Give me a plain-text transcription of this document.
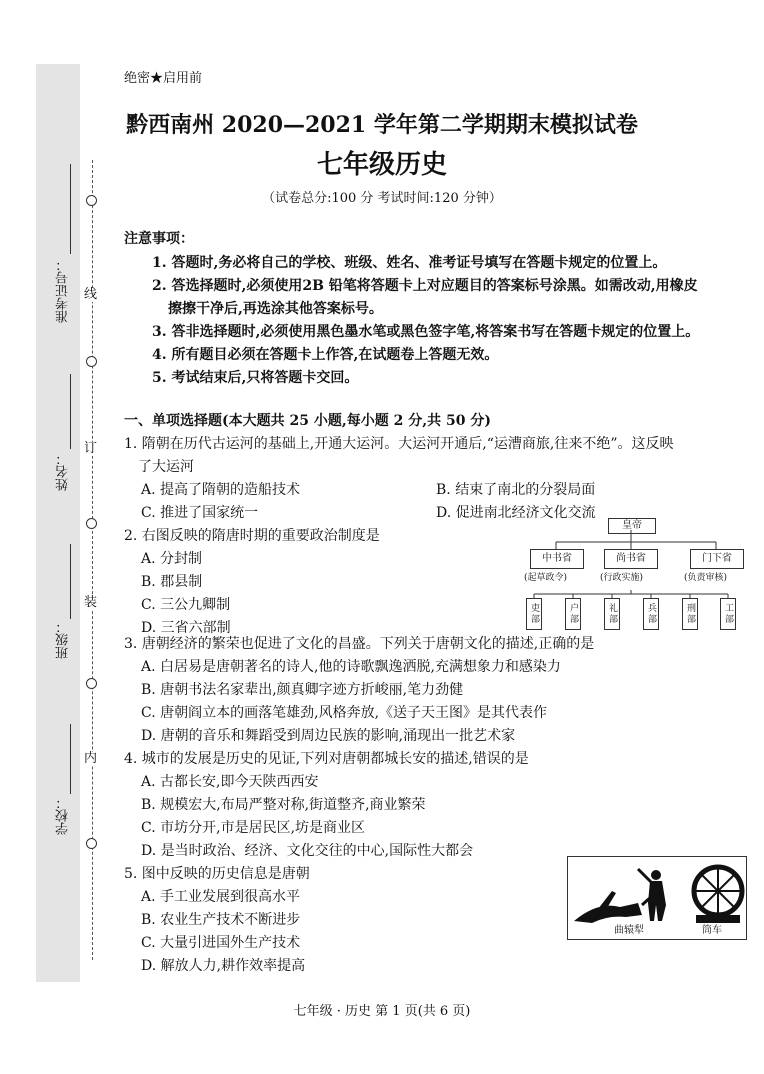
准考证号：
姓名：
班级：
学校：
线
订
装
内
绝密★启用前
黔西南州 2020—2021 学年第二学期期末模拟试卷
七年级历史
（试卷总分:100 分 考试时间:120 分钟）
注意事项：
1. 答题时,务必将自己的学校、班级、姓名、准考证号填写在答题卡规定的位置上。
2. 答选择题时,必须使用2B 铅笔将答题卡上对应题目的答案标号涂黑。如需改动,用橡皮
擦擦干净后,再选涂其他答案标号。
3. 答非选择题时,必须使用黑色墨水笔或黑色签字笔,将答案书写在答题卡规定的位置上。
4. 所有题目必须在答题卡上作答,在试题卷上答题无效。
5. 考试结束后,只将答题卡交回。
一、单项选择题(本大题共 25 小题,每小题 2 分,共 50 分)
1. 隋朝在历代古运河的基础上,开通大运河。大运河开通后,“运漕商旅,往来不绝”。这反映
了大运河
A. 提高了隋朝的造船技术	B. 结束了南北的分裂局面
C. 推进了国家统一	D. 促进南北经济文化交流
2. 右图反映的隋唐时期的重要政治制度是
A. 分封制
B. 郡县制
C. 三公九卿制
D. 三省六部制
皇帝
中书省	尚书省	门下省
(起草政令)	(行政实施)	(负责审核)
吏部	户部	礼部	兵部	刑部	工部
3. 唐朝经济的繁荣也促进了文化的昌盛。下列关于唐朝文化的描述,正确的是
A. 白居易是唐朝著名的诗人,他的诗歌飘逸洒脱,充满想象力和感染力
B. 唐朝书法名家辈出,颜真卿字迹方折峻丽,笔力劲健
C. 唐朝阎立本的画落笔雄劲,风格奔放,《送子天王图》是其代表作
D. 唐朝的音乐和舞蹈受到周边民族的影响,涌现出一批艺术家
4. 城市的发展是历史的见证,下列对唐朝都城长安的描述,错误的是
A. 古都长安,即今天陕西西安
B. 规模宏大,布局严整对称,街道整齐,商业繁荣
C. 市坊分开,市是居民区,坊是商业区
D. 是当时政治、经济、文化交往的中心,国际性大都会
5. 图中反映的历史信息是唐朝
A. 手工业发展到很高水平
B. 农业生产技术不断进步
C. 大量引进国外生产技术
D. 解放人力,耕作效率提高
曲辕犁	筒车
七年级 · 历史 第 1 页(共 6 页)
